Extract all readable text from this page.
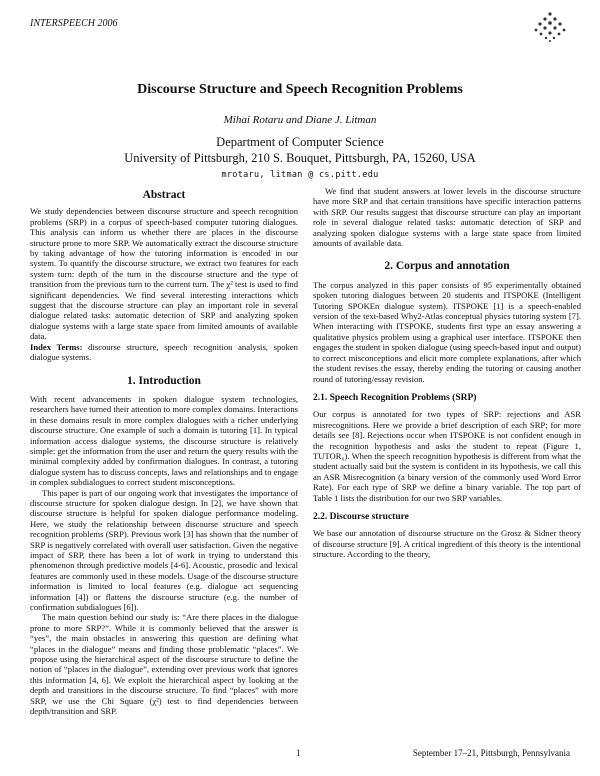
INTERSPEECH 2006
Discourse Structure and Speech Recognition Problems
Mihai Rotaru and Diane J. Litman
Department of Computer Science
University of Pittsburgh, 210 S. Bouquet, Pittsburgh, PA, 15260, USA
mrotaru, litman @ cs.pitt.edu
Abstract

We study dependencies between discourse structure and speech recognition problems (SRP) in a corpus of speech-based computer tutoring dialogues. This analysis can inform us whether there are places in the discourse structure prone to more SRP. We automatically extract the discourse structure by taking advantage of how the tutoring information is encoded in our system. To quantify the discourse structure, we extract two features for each system turn: depth of the turn in the discourse structure and the type of transition from the previous turn to the current turn. The χ² test is used to find significant dependencies. We find several interesting interactions which suggest that the discourse structure can play an important role in several dialogue related tasks: automatic detection of SRP and analyzing spoken dialogue systems with a large state space from limited amounts of available data.

Index Terms: discourse structure, speech recognition analysis, spoken dialogue systems.

1. Introduction

With recent advancements in spoken dialogue system technologies, researchers have turned their attention to more complex domains. Interactions in these domains result in more complex dialogues with a richer underlying discourse structure. One example of such a domain is tutoring [1]. In typical information access dialogue systems, the discourse structure is relatively simple: get the information from the user and return the query results with the minimal complexity added by confirmation dialogues. In contrast, a tutoring dialogue system has to discuss concepts, laws and relationships and to engage in complex subdialogues to correct student misconceptions.

This paper is part of our ongoing work that investigates the importance of discourse structure for spoken dialogue design. In [2], we have shown that discourse structure is helpful for spoken dialogue performance modeling. Here, we study the relationship between discourse structure and speech recognition problems (SRP). Previous work [3] has shown that the number of SRP is negatively correlated with overall user satisfaction. Given the negative impact of SRP, there has been a lot of work in trying to understand this phenomenon through predictive models [4-6]. Acoustic, prosodic and lexical features are commonly used in these models. Usage of the discourse structure information is limited to local features (e.g. dialogue act sequencing information [4]) or flattens the discourse structure (e.g. the number of confirmation subdialogues [6]).

The main question behind our study is: “Are there places in the dialogue prone to more SRP?”. While it is commonly believed that the answer is “yes”, the main obstacles in answering this question are defining what “places in the dialogue” means and finding those problematic “places”. We propose using the hierarchical aspect of the discourse structure to define the notion of “places in the dialogue”, extending over previous work that ignores this information [4, 6]. We exploit the hierarchical aspect by looking at the depth and transitions in the discourse structure. To find “places” with more SRP, we use the Chi Square (χ²) test to find dependencies between depth/transition and SRP.

We find that student answers at lower levels in the discourse structure have more SRP and that certain transitions have specific interaction patterns with SRP. Our results suggest that discourse structure can play an important role in several dialogue related tasks: automatic detection of SRP and analyzing spoken dialogue systems with a large state space from limited amounts of available data.

2. Corpus and annotation

The corpus analyzed in this paper consists of 95 experimentally obtained spoken tutoring dialogues between 20 students and ITSPOKE (Intelligent Tutoring SPOKEn dialogue system). ITSPOKE [1] is a speech-enabled version of the text-based Why2-Atlas conceptual physics tutoring system [7]. When interacting with ITSPOKE, students first type an essay answering a qualitative physics problem using a graphical user interface. ITSPOKE then engages the student in spoken dialogue (using speech-based input and output) to correct misconceptions and elicit more complete explanations, after which the student revises the essay, thereby ending the tutoring or causing another round of tutoring/essay revision.

2.1. Speech Recognition Problems (SRP)

Our corpus is annotated for two types of SRP: rejections and ASR misrecognitions. Here we provide a brief description of each SRP; for more details see [8]. Rejections occur when ITSPOKE is not confident enough in the recognition hypothesis and asks the student to repeat (Figure 1, TUTOR₆). When the speech recognition hypothesis is different from what the student actually said but the system is confident in its hypothesis, we call this an ASR Misrecognition (a binary version of the commonly used Word Error Rate). For each type of SRP we define a binary variable. The top part of Table 1 lists the distribution for our two SRP variables.

2.2. Discourse structure

We base our annotation of discourse structure on the Grosz & Sidner theory of discourse structure [9]. A critical ingredient of this theory is the intentional structure. According to the theory,

1	September 17–21, Pittsburgh, Pennsylvania
